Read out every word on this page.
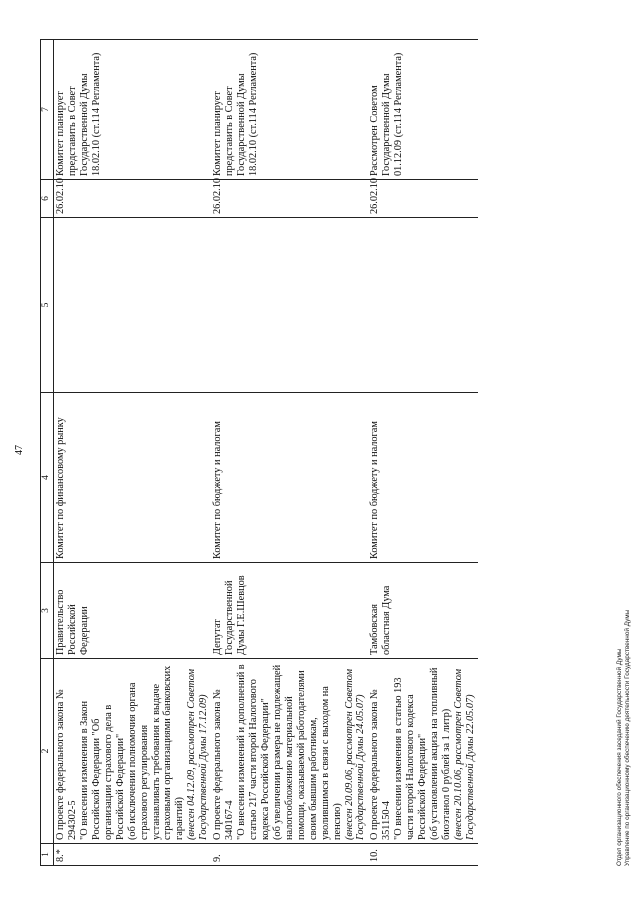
47
1	2	3	4	5	6	7
8.*	О проекте федерального закона № 294302-5 "О внесении изменения в Закон Российской Федерации "Об организации страхового дела в Российской Федерации" (об исключении полномочия органа страхового регулирования устанавливать требования к выдаче страховыми организациями банковских гарантий) (внесен 04.12.09, рассмотрен Советом Государственной Думы 17.12.09)	Правительство Российской Федерации	Комитет по финансовому рынку		26.02.10	Комитет планирует представить в Совет Государственной Думы 18.02.10 (ст.114 Регламента)
9.	О проекте федерального закона № 340167-4 "О внесении изменений и дополнений в статью 217 части второй Налогового кодекса Российской Федерации" (об увеличении размера не подлежащей налогообложению материальной помощи, оказываемой работодателями своим бывшим работникам, уволившимся в связи с выходом на пенсию) (внесен 20.09.06, рассмотрен Советом Государственной Думы 24.05.07)	Депутат Государственной Думы Г.Е.Шевцов	Комитет по бюджету и налогам		26.02.10	Комитет планирует представить в Совет Государственной Думы 18.02.10 (ст.114 Регламента)
10.	О проекте федерального закона № 351150-4 "О внесении изменения в статью 193 части второй Налогового кодекса Российской Федерации" (об установлении акциза на топливный биоэтанол 0 рублей за 1 литр) (внесен 20.10.06, рассмотрен Советом Государственной Думы 22.05.07)	Тамбовская областная Дума	Комитет по бюджету и налогам		26.02.10	Рассмотрен Советом Государственной Думы 01.12.09 (ст.114 Регламента)
Отдел организационного обеспечения заседаний Государственной Думы Управление по организационному обеспечению деятельности Государственной Думы
